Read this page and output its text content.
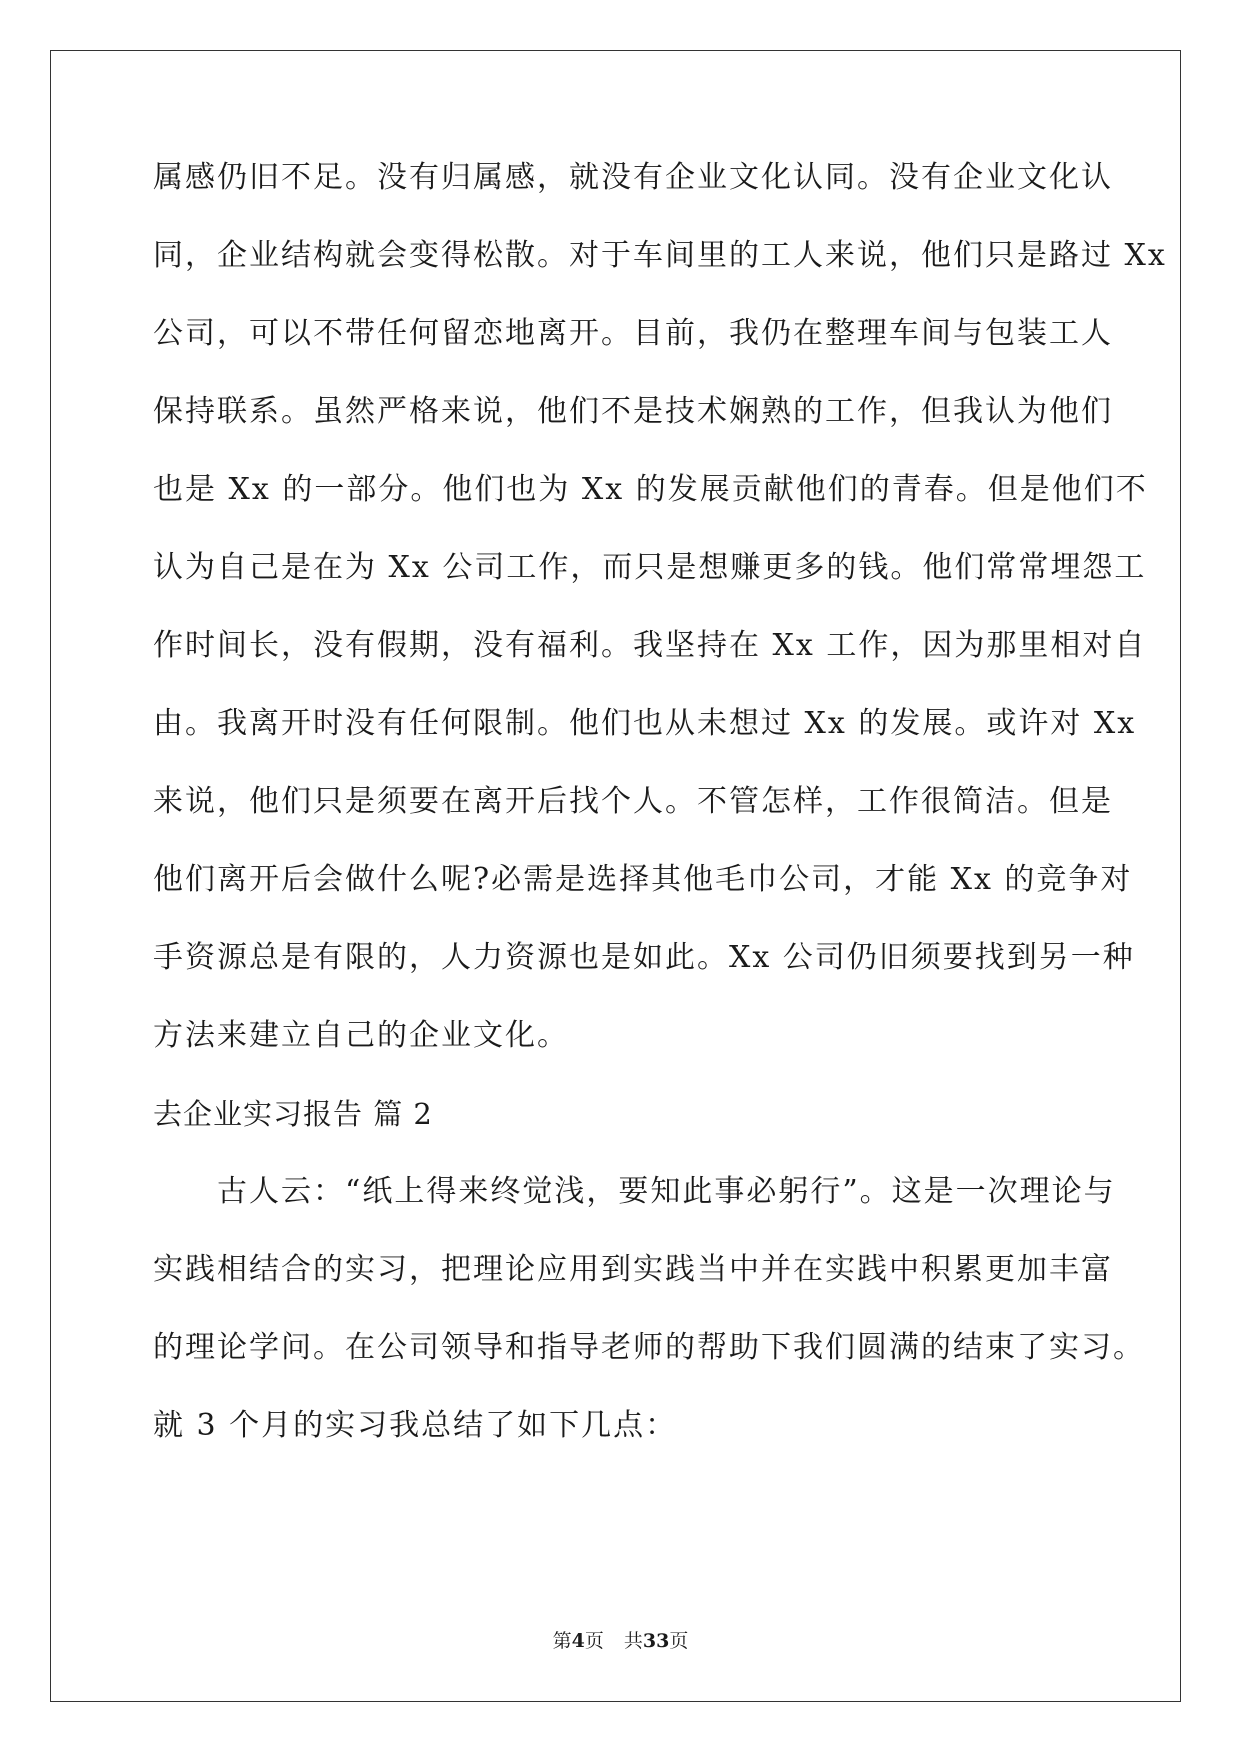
属感仍旧不足。没有归属感，就没有企业文化认同。没有企业文化认
同，企业结构就会变得松散。对于车间里的工人来说，他们只是路过 Xx
公司，可以不带任何留恋地离开。目前，我仍在整理车间与包装工人
保持联系。虽然严格来说，他们不是技术娴熟的工作，但我认为他们
也是 Xx 的一部分。他们也为 Xx 的发展贡献他们的青春。但是他们不
认为自己是在为 Xx 公司工作，而只是想赚更多的钱。他们常常埋怨工
作时间长，没有假期，没有福利。我坚持在 Xx 工作，因为那里相对自
由。我离开时没有任何限制。他们也从未想过 Xx 的发展。或许对 Xx
来说，他们只是须要在离开后找个人。不管怎样，工作很简洁。但是
他们离开后会做什么呢?必需是选择其他毛巾公司，才能 Xx 的竞争对
手资源总是有限的，人力资源也是如此。Xx 公司仍旧须要找到另一种
方法来建立自己的企业文化。
去企业实习报告 篇 2
古人云：“纸上得来终觉浅，要知此事必躬行”。这是一次理论与
实践相结合的实习，把理论应用到实践当中并在实践中积累更加丰富
的理论学问。在公司领导和指导老师的帮助下我们圆满的结束了实习。
就 3 个月的实习我总结了如下几点：
第4页 共33页
